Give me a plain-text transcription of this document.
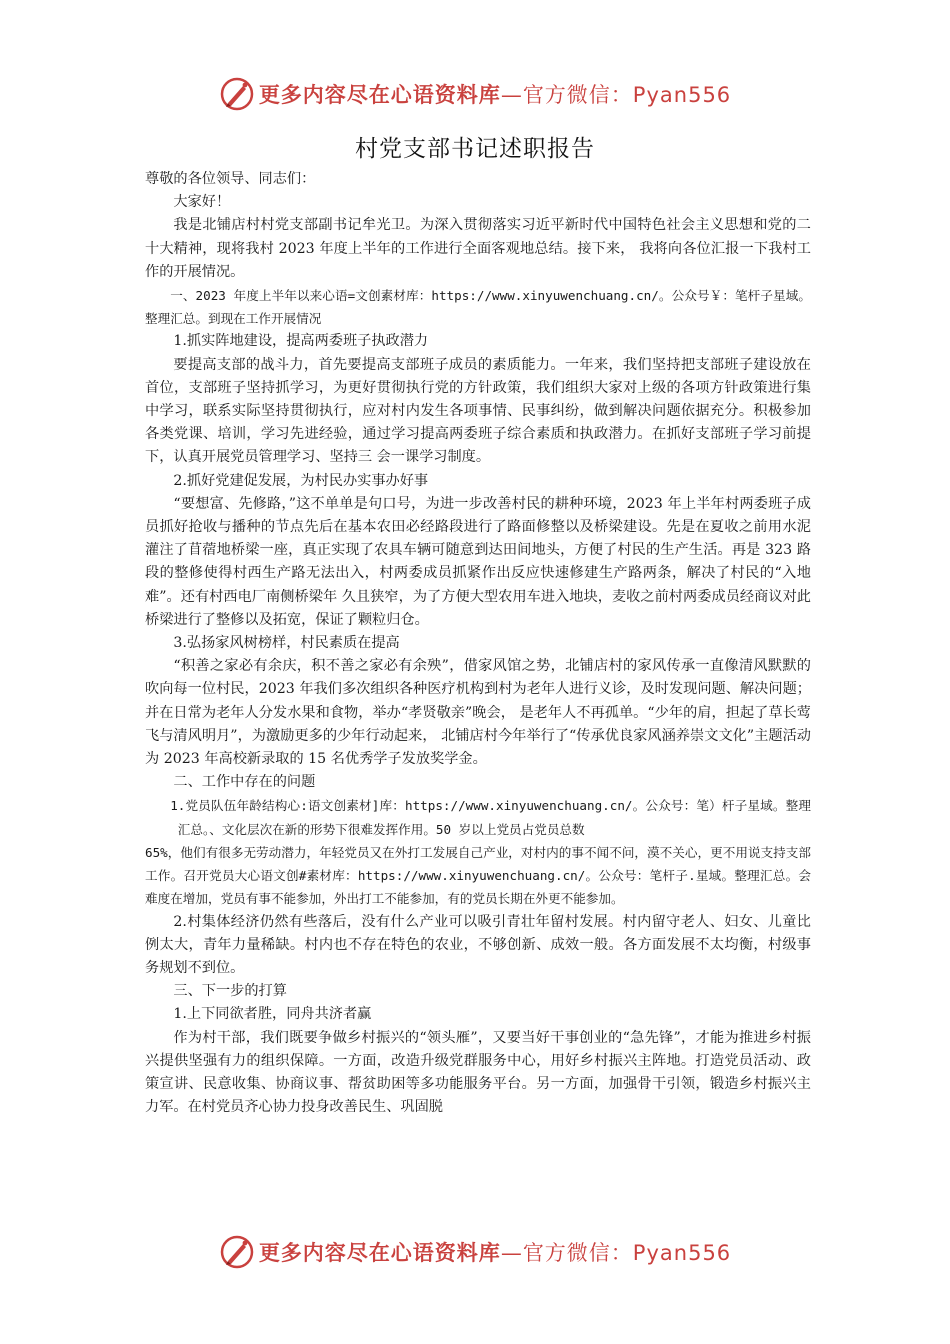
更多内容尽在心语资料库—官方微信：Pyan556
村党支部书记述职报告

尊敬的各位领导、同志们：

大家好！

我是北铺店村村党支部副书记牟光卫。为深入贯彻落实习近平新时代中国特色社会主义思想和党的二十大精神，现将我村 2023 年度上半年的工作进行全面客观地总结。接下来， 我将向各位汇报一下我村工作的开展情况。

一、2023 年度上半年以来心语=文创素材库：https://www.xinyuwenchuang.cn/。公众号￥：笔杆子星域。整理汇总。到现在工作开展情况

1.抓实阵地建设，提高两委班子执政潜力

要提高支部的战斗力，首先要提高支部班子成员的素质能力。一年来，我们坚持把支部班子建设放在首位，支部班子坚持抓学习，为更好贯彻执行党的方针政策，我们组织大家对上级的各项方针政策进行集中学习，联系实际坚持贯彻执行，应对村内发生各项事情、民事纠纷，做到解决问题依据充分。积极参加各类党课、培训，学习先进经验，通过学习提高两委班子综合素质和执政潜力。在抓好支部班子学习前提下，认真开展党员管理学习、坚持三 会一课学习制度。

2.抓好党建促发展，为村民办实事办好事

“要想富、先修路，”这不单单是句口号，为进一步改善村民的耕种环境，2023 年上半年村两委班子成员抓好抢收与播种的节点先后在基本农田必经路段进行了路面修整以及桥梁建设。先是在夏收之前用水泥灌注了苜蓿地桥梁一座，真正实现了农具车辆可随意到达田间地头，方便了村民的生产生活。再是 323 路段的整修使得村西生产路无法出入，村两委成员抓紧作出反应快速修建生产路两条，解决了村民的“入地难”。还有村西电厂南侧桥梁年 久且狭窄，为了方便大型农用车进入地块，麦收之前村两委成员经商议对此桥梁进行了整修以及拓宽，保证了颗粒归仓。

3.弘扬家风树榜样，村民素质在提高

“积善之家必有余庆，积不善之家必有余殃”，借家风馆之势，北铺店村的家风传承一直像清风默默的吹向每一位村民，2023 年我们多次组织各种医疗机构到村为老年人进行义诊，及时发现问题、解决问题；并在日常为老年人分发水果和食物，举办“孝贤敬亲”晚会， 是老年人不再孤单。“少年的肩，担起了草长莺飞与清风明月”，为激励更多的少年行动起来， 北铺店村今年举行了“传承优良家风涵养崇文文化”主题活动为 2023 年高校新录取的 15 名优秀学子发放奖学金。

二、工作中存在的问题

1.党员队伍年龄结构心:语文创素材]库：https://www.xinyuwenchuang.cn/。公众号：笔）杆子星域。整理汇总。、文化层次在新的形势下很难发挥作用。50 岁以上党员占党员总数

65%，他们有很多无劳动潜力，年轻党员又在外打工发展自己产业，对村内的事不闻不问，漠不关心，更不用说支持支部工作。召开党员大心语文创#素材库：https://www.xinyuwenchuang.cn/。公众号：笔杆子.星域。整理汇总。会难度在增加，党员有事不能参加，外出打工不能参加，有的党员长期在外更不能参加。

2.村集体经济仍然有些落后，没有什么产业可以吸引青壮年留村发展。村内留守老人、妇女、儿童比例太大，青年力量稀缺。村内也不存在特色的农业，不够创新、成效一般。各方面发展不太均衡，村级事务规划不到位。

三、下一步的打算

1.上下同欲者胜，同舟共济者赢

作为村干部，我们既要争做乡村振兴的“领头雁”，又要当好干事创业的“急先锋”，才能为推进乡村振兴提供坚强有力的组织保障。一方面，改造升级党群服务中心，用好乡村振兴主阵地。打造党员活动、政策宣讲、民意收集、协商议事、帮贫助困等多功能服务平台。另一方面，加强骨干引领，锻造乡村振兴主力军。在村党员齐心协力投身改善民生、巩固脱

更多内容尽在心语资料库—官方微信：Pyan556
